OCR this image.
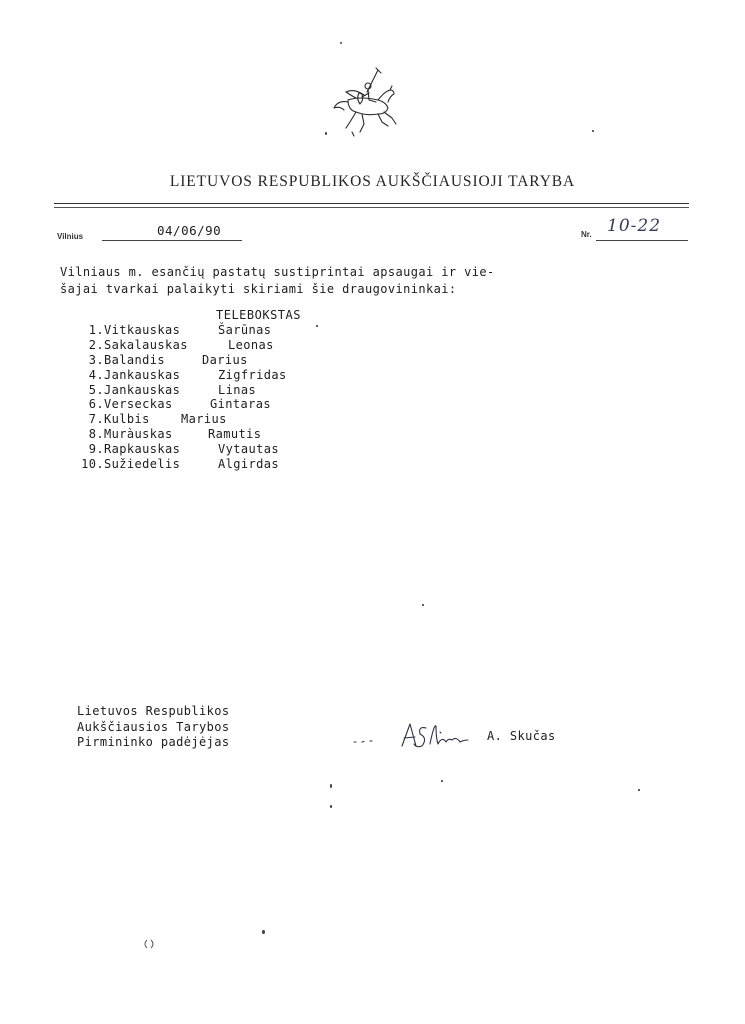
LIETUVOS RESPUBLIKOS AUKŠČIAUSIOJI TARYBA
Vilnius	04/06/90	Nr. 10-22
Vilniaus m. esančių pastatų sustiprintai apsaugai ir vie-
šajai tvarkai palaikyti skiriami šie draugovininkai:
TELEBOKSTAS
1. Vitkauskas	Šarūnas
2. Sakalauskas	Leonas
3. Balandis	Darius
4. Jankauskas	Zigfridas
5. Jankauskas	Linas
6. Verseckas	Gintaras
7. Kulbis	Marius
8. Muràuskas	Ramutis
9. Rapkauskas	Vytautas
10. Sužiedelis	Algirdas
Lietuvos Respublikos
Aukščiausios Tarybos
Pirmininko padėjėjas	A. Skučas
